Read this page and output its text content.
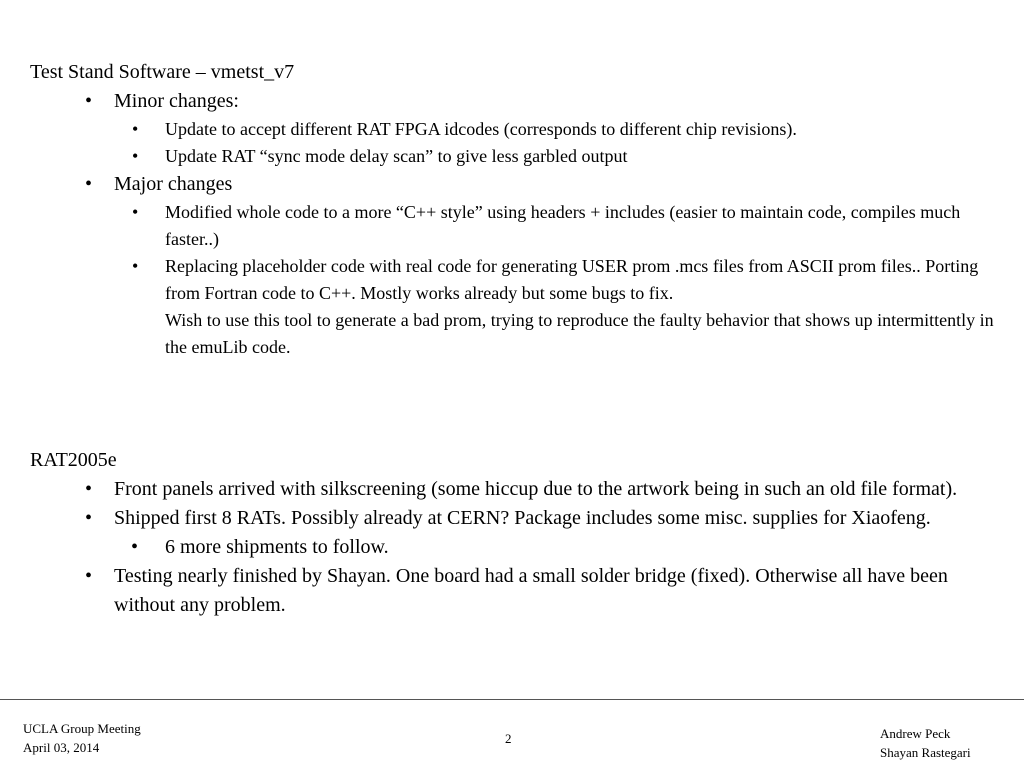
Test Stand Software – vmetst_v7

• Minor changes:
• Update to accept different RAT FPGA idcodes (corresponds to different chip revisions).
• Update RAT “sync mode delay scan” to give less garbled output
• Major changes
• Modified whole code to a more “C++ style” using headers + includes (easier to maintain code, compiles much faster..)
• Replacing placeholder code with real code for generating USER prom .mcs files from ASCII prom files.. Porting from Fortran code to C++. Mostly works already but some bugs to fix.
Wish to use this tool to generate a bad prom, trying to reproduce the faulty behavior that shows up intermittently in the emuLib code.

RAT2005e

• Front panels arrived with silkscreening (some hiccup due to the artwork being in such an old file format).
• Shipped first 8 RATs. Possibly already at CERN? Package includes some misc. supplies for Xiaofeng.
• 6 more shipments to follow.
• Testing nearly finished by Shayan. One board had a small solder bridge (fixed). Otherwise all have been without any problem.
UCLA Group Meeting
April 03, 2014
2	Andrew Peck
Shayan Rastegari
